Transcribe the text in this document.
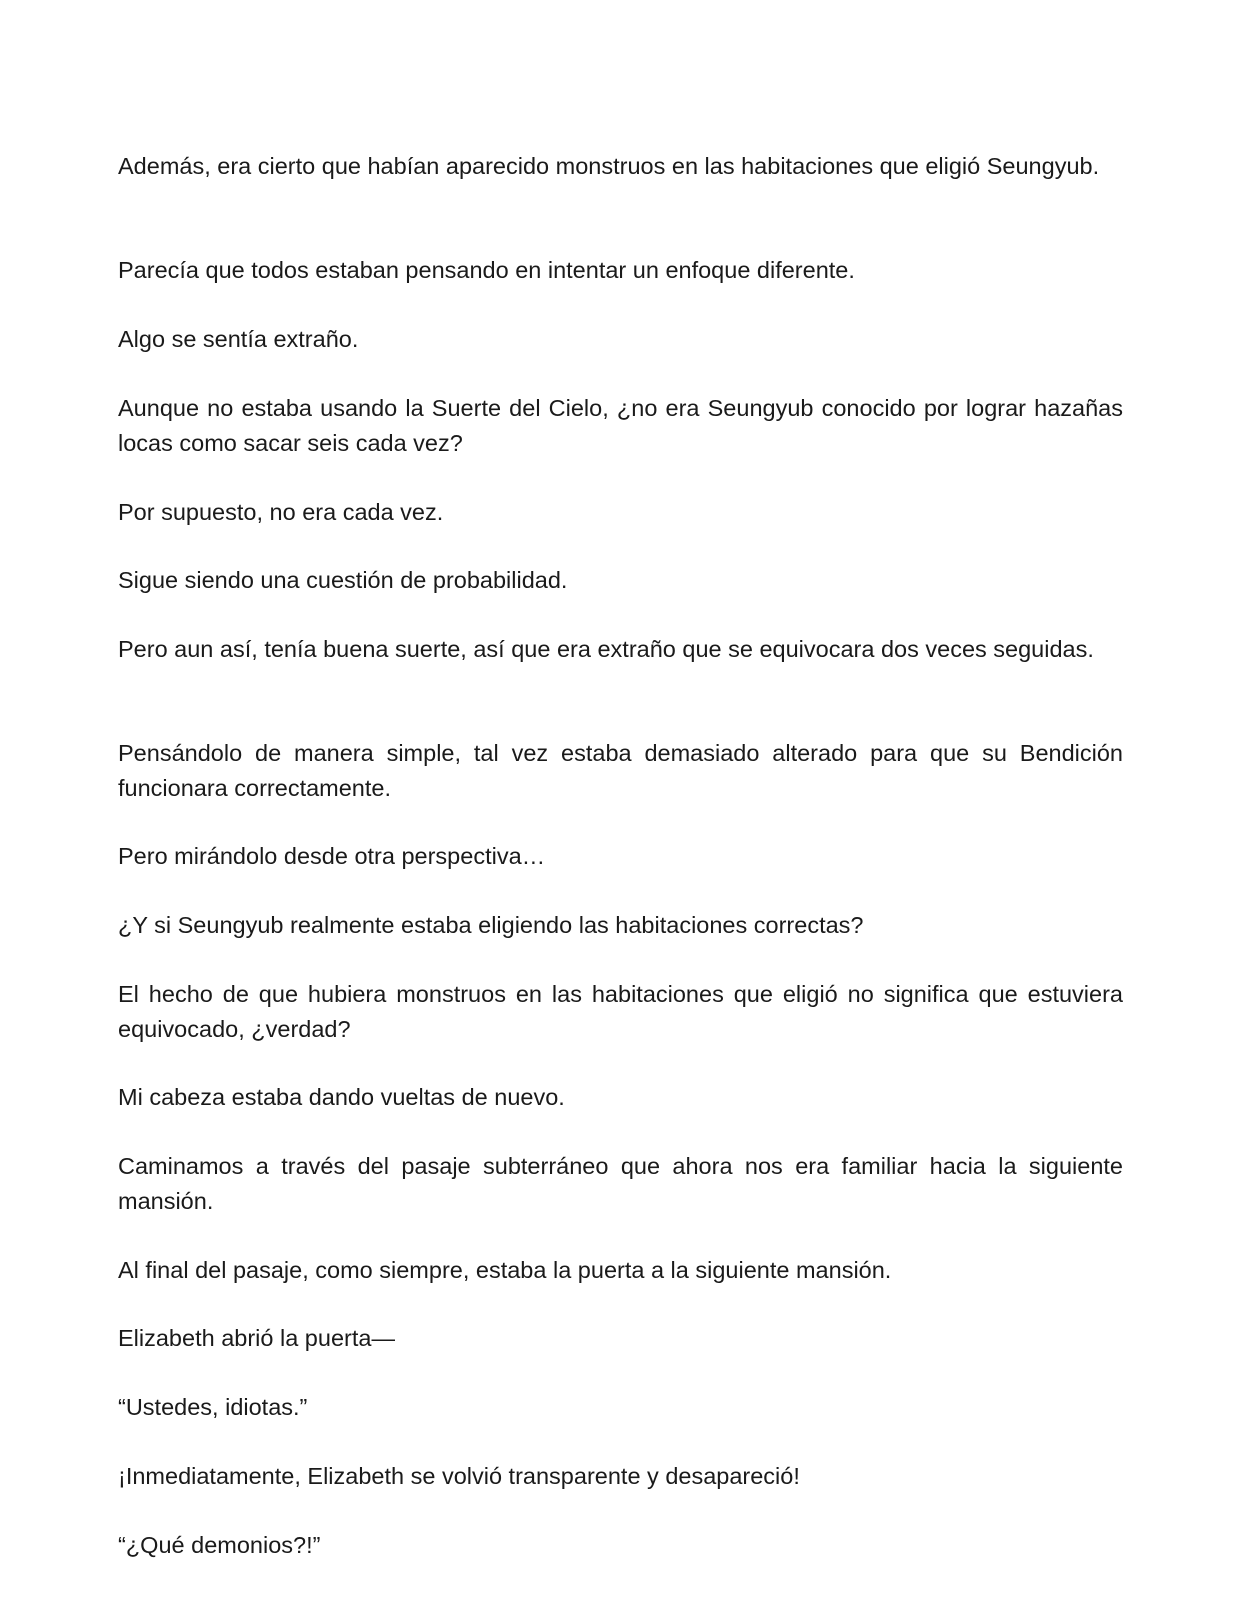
Además, era cierto que habían aparecido monstruos en las habitaciones que eligió Seungyub.

Parecía que todos estaban pensando en intentar un enfoque diferente.

Algo se sentía extraño.

Aunque no estaba usando la Suerte del Cielo, ¿no era Seungyub conocido por lograr hazañas locas como sacar seis cada vez?

Por supuesto, no era cada vez.

Sigue siendo una cuestión de probabilidad.

Pero aun así, tenía buena suerte, así que era extraño que se equivocara dos veces seguidas.

Pensándolo de manera simple, tal vez estaba demasiado alterado para que su Bendición funcionara correctamente.

Pero mirándolo desde otra perspectiva…

¿Y si Seungyub realmente estaba eligiendo las habitaciones correctas?

El hecho de que hubiera monstruos en las habitaciones que eligió no significa que estuviera equivocado, ¿verdad?

Mi cabeza estaba dando vueltas de nuevo.

Caminamos a través del pasaje subterráneo que ahora nos era familiar hacia la siguiente mansión.

Al final del pasaje, como siempre, estaba la puerta a la siguiente mansión.

Elizabeth abrió la puerta—

“Ustedes, idiotas.”

¡Inmediatamente, Elizabeth se volvió transparente y desapareció!

“¿Qué demonios?!”
